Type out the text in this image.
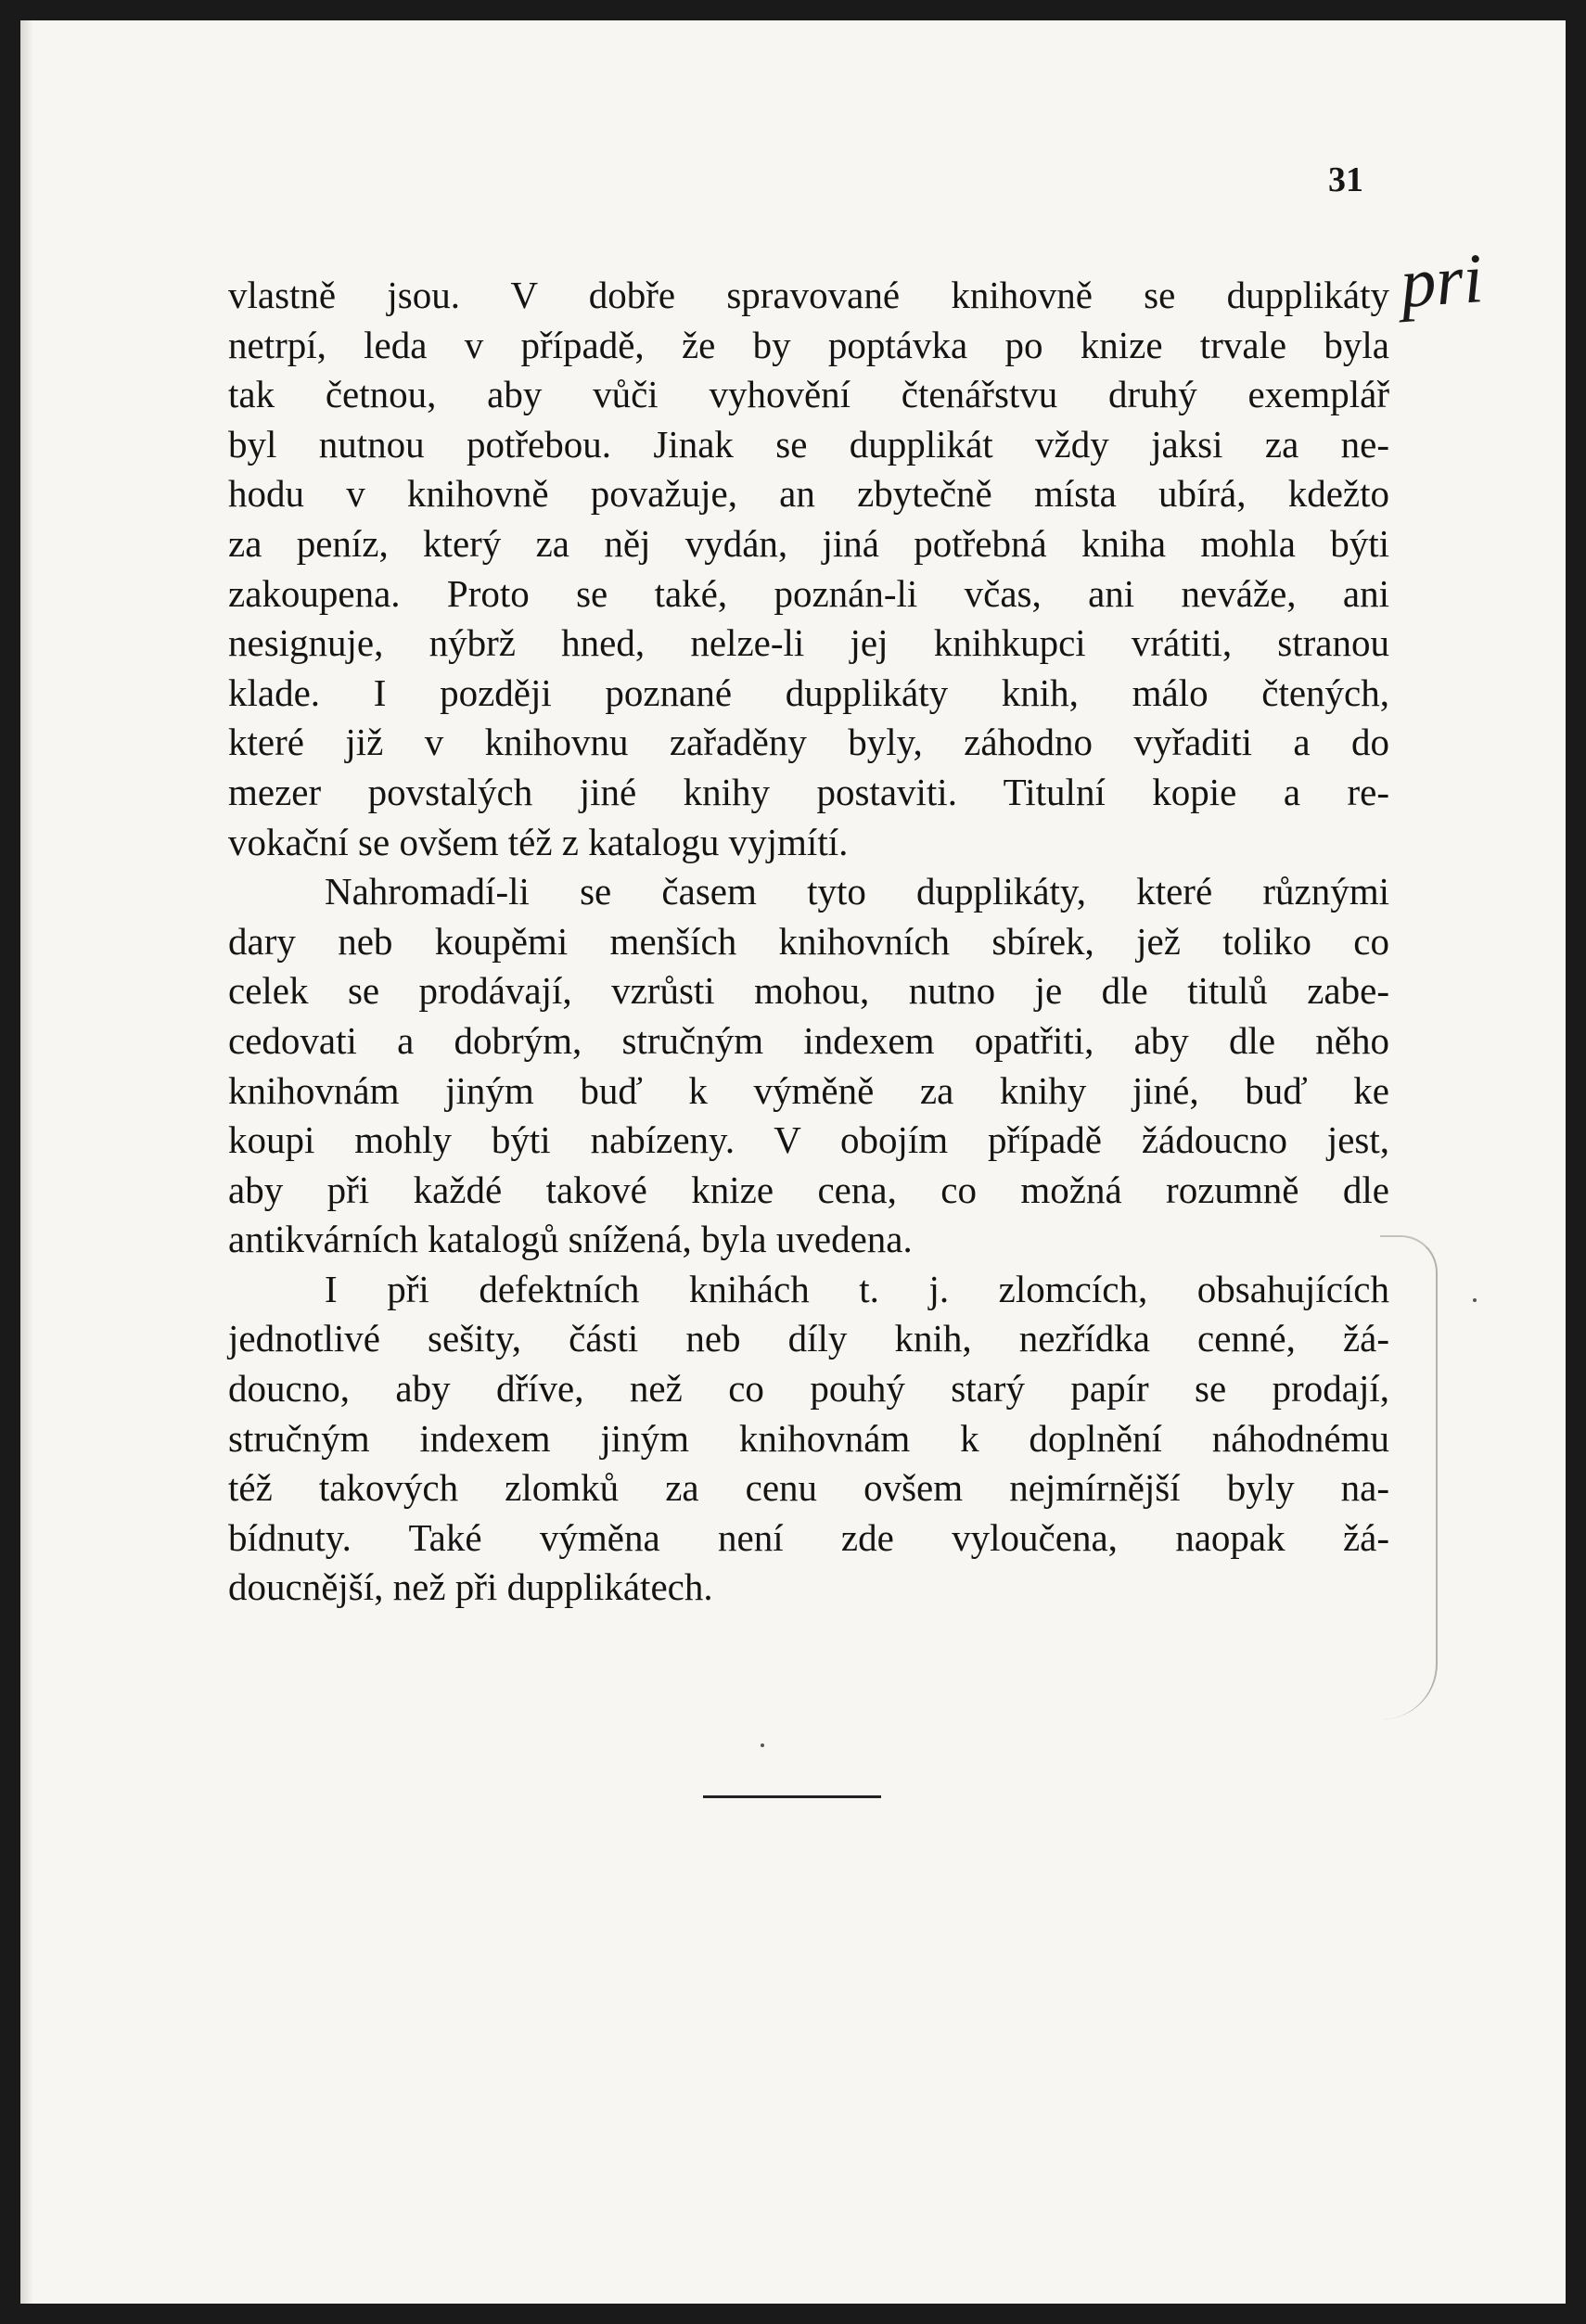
31
pri
vlastně jsou. V dobře spravované knihovně se dupplikáty
netrpí, leda v případě, že by poptávka po knize trvale byla
tak četnou, aby vůči vyhovění čtenářstvu druhý exemplář
byl nutnou potřebou. Jinak se dupplikát vždy jaksi za ne-
hodu v knihovně považuje, an zbytečně místa ubírá, kdežto
za peníz, který za něj vydán, jiná potřebná kniha mohla býti
zakoupena. Proto se také, poznán-li včas, ani neváže, ani
nesignuje, nýbrž hned, nelze-li jej knihkupci vrátiti, stranou
klade. I později poznané dupplikáty knih, málo čtených,
které již v knihovnu zařaděny byly, záhodno vyřaditi a do
mezer povstalých jiné knihy postaviti. Titulní kopie a re-
vokační se ovšem též z katalogu vyjmítí.
Nahromadí-li se časem tyto dupplikáty, které různými
dary neb koupěmi menších knihovních sbírek, jež toliko co
celek se prodávají, vzrůsti mohou, nutno je dle titulů zabe-
cedovati a dobrým, stručným indexem opatřiti, aby dle něho
knihovnám jiným buď k výměně za knihy jiné, buď ke
koupi mohly býti nabízeny. V obojím případě žádoucno jest,
aby při každé takové knize cena, co možná rozumně dle
antikvárních katalogů snížená, byla uvedena.
I při defektních knihách t. j. zlomcích, obsahujících
jednotlivé sešity, části neb díly knih, nezřídka cenné, žá-
doucno, aby dříve, než co pouhý starý papír se prodají,
stručným indexem jiným knihovnám k doplnění náhodnému
též takových zlomků za cenu ovšem nejmírnější byly na-
bídnuty. Také výměna není zde vyloučena, naopak žá-
doucnější, než při dupplikátech.
